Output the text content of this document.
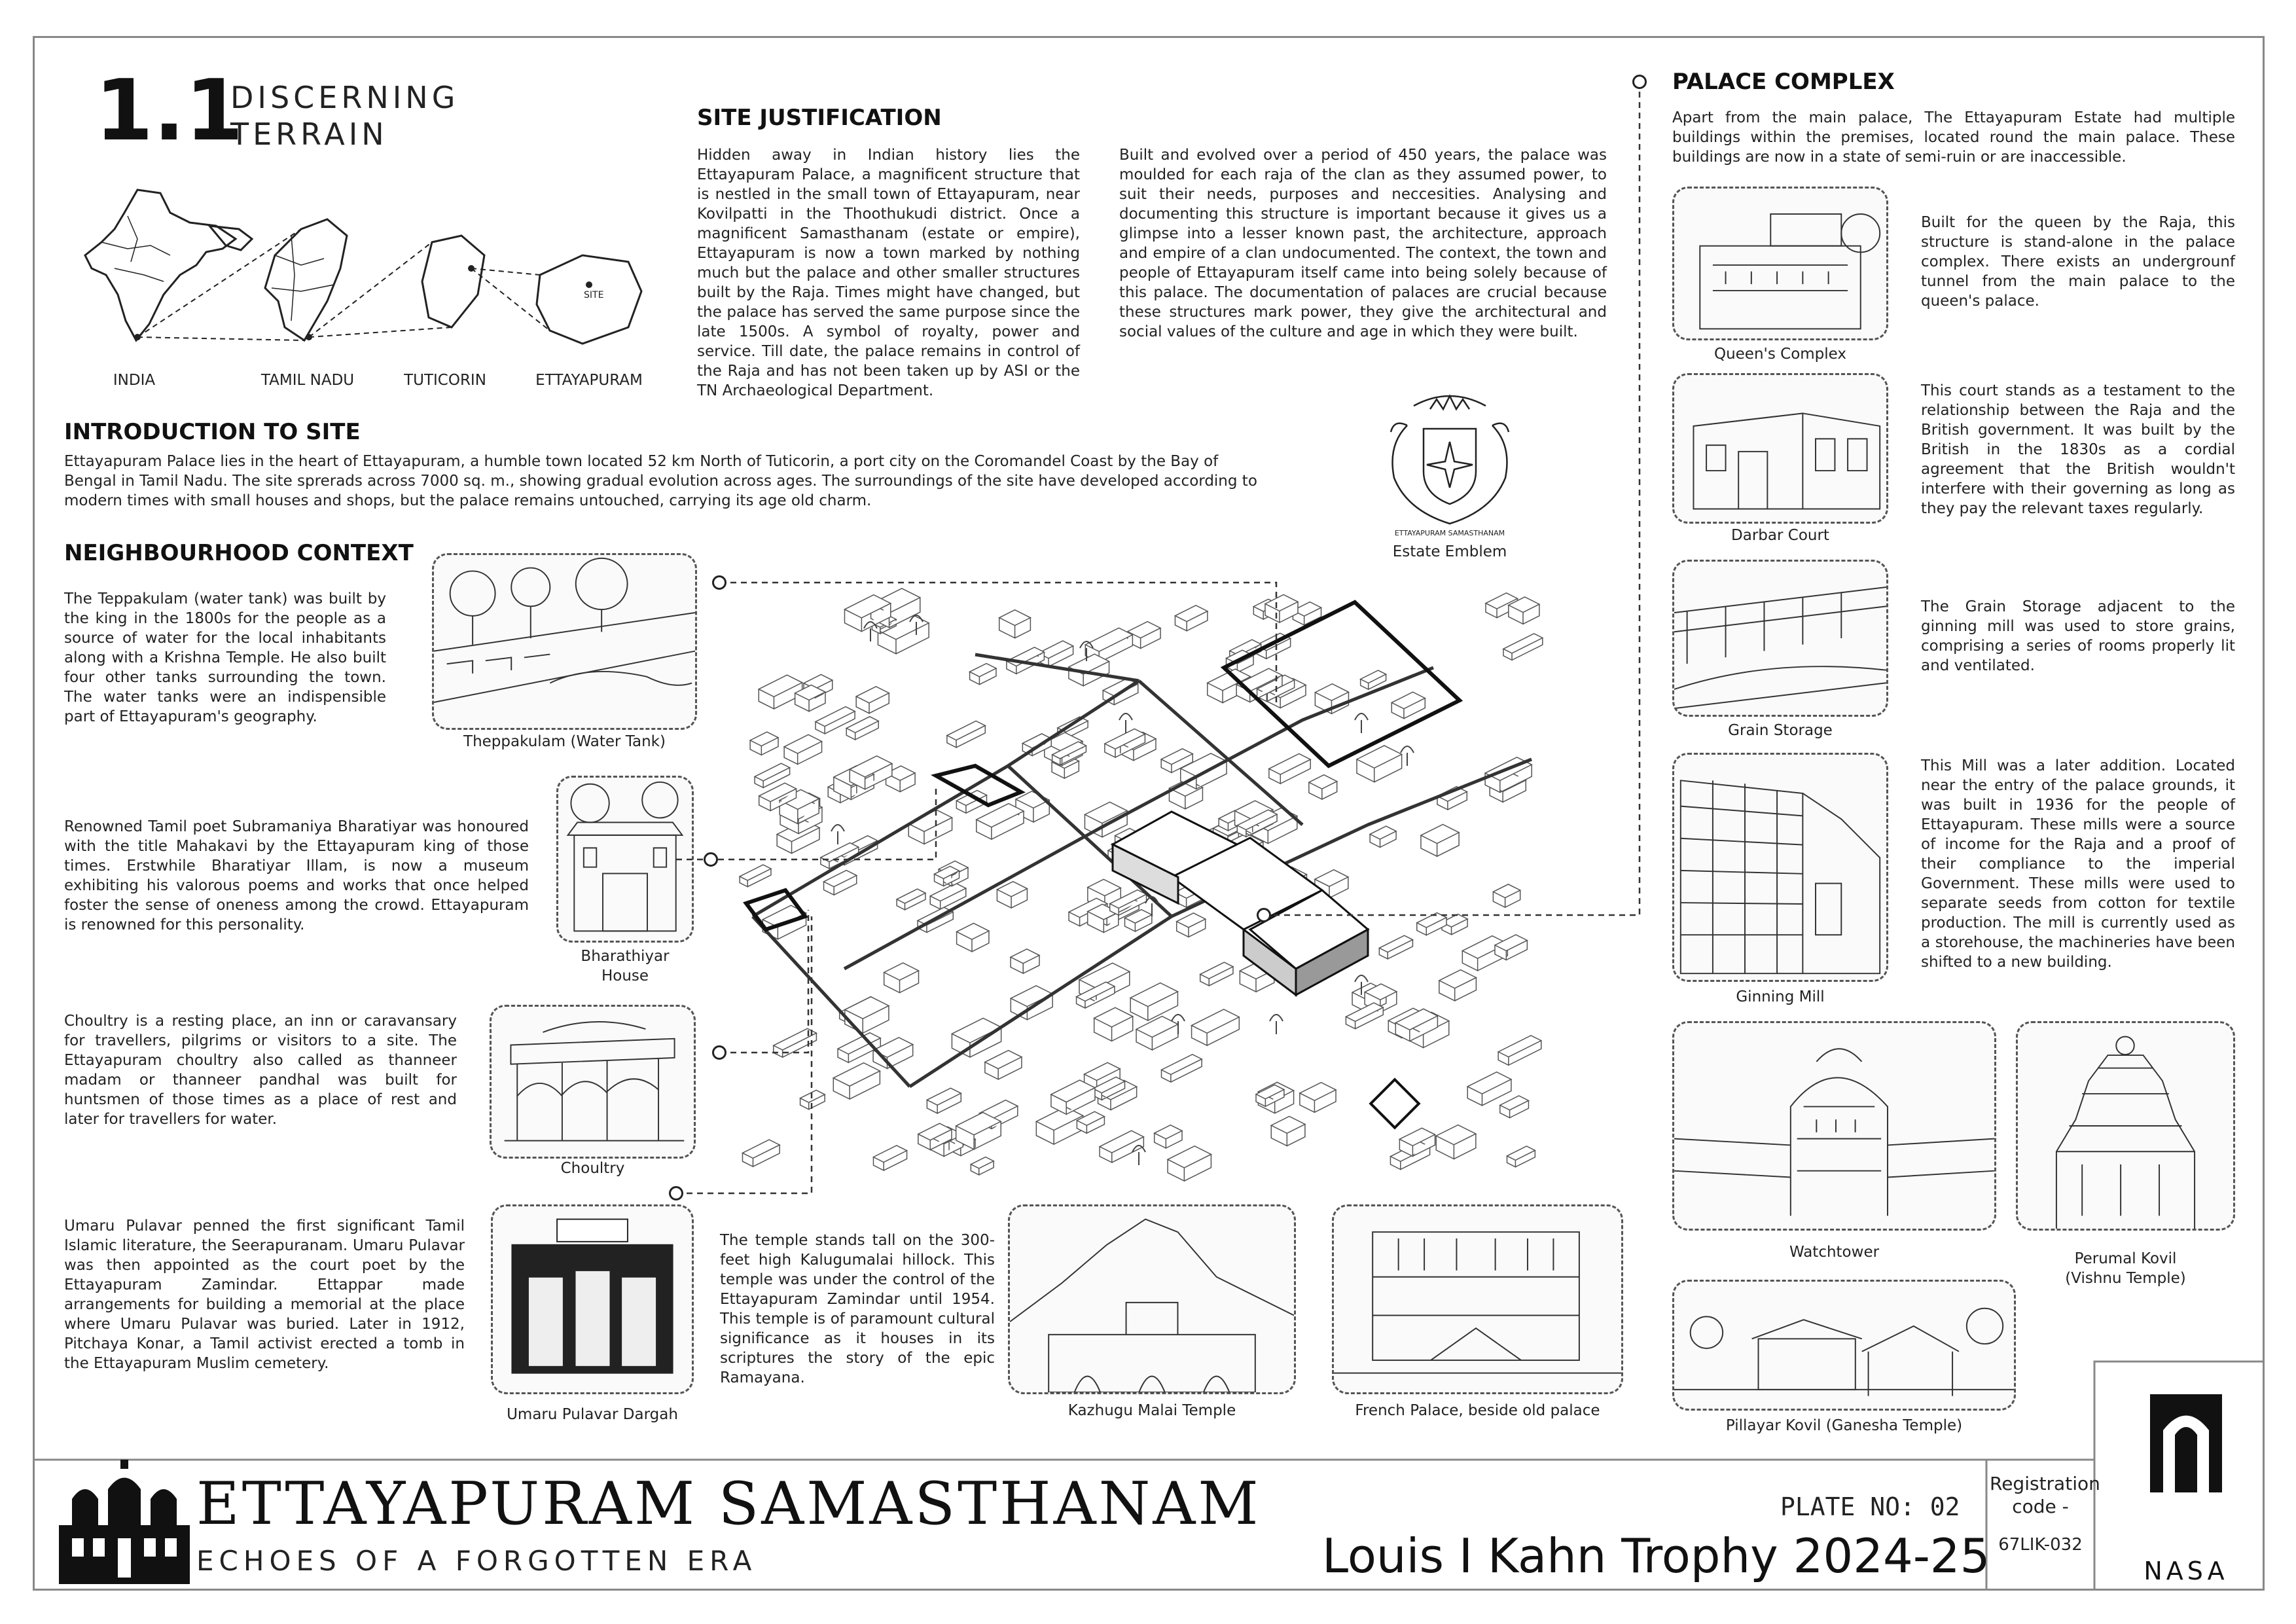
1.1
DISCERNING
TERRAIN
SITE
INDIA	TAMIL NADU	TUTICORIN	ETTAYAPURAM
SITE JUSTIFICATION
Hidden away in Indian history lies the Ettayapuram Palace, a magnificent structure that is nestled in the small town of Ettayapuram, near Kovilpatti in the Thoothukudi district. Once a magnificent Samasthanam (estate or empire), Ettayapuram is now a town marked by nothing much but the palace and other smaller structures built by the Raja. Times might have changed, but the palace has served the same purpose since the late 1500s. A symbol of royalty, power and service. Till date, the palace remains in control of the Raja and has not been taken up by ASI or the TN Archaeological Department.
Built and evolved over a period of 450 years, the palace was moulded for each raja of the clan as they assumed power, to suit their needs, purposes and neccesities. Analysing and documenting this structure is important because it gives us a glimpse into a lesser known past, the architecture, approach and empire of a clan undocumented. The context, the town and people of Ettayapuram itself came into being solely because of this palace. The documentation of palaces are crucial because these structures mark power, they give the architectural and social values of the culture and age in which they were built.
INTRODUCTION TO SITE
Ettayapuram Palace lies in the heart of Ettayapuram, a humble town located 52 km North of Tuticorin, a port city on the Coromandel Coast by the Bay of Bengal in Tamil Nadu. The site sprerads across 7000 sq. m., showing gradual evolution across ages. The surroundings of the site have developed according to modern times with small houses and shops, but the palace remains untouched, carrying its age old charm.
ETTAYAPURAM SAMASTHANAM
Estate Emblem
NEIGHBOURHOOD CONTEXT
The Teppakulam (water tank) was built by the king in the 1800s for the people as a source of water for the local inhabitants along with a Krishna Temple. He also built four other tanks surrounding the town. The water tanks were an indispensible part of Ettayapuram's geography.
Theppakulam (Water Tank)
Renowned Tamil poet Subramaniya Bharatiyar was honoured with the title Mahakavi by the Ettayapuram king of those times. Erstwhile Bharatiyar Illam, is now a museum exhibiting his valorous poems and works that once helped foster the sense of oneness among the crowd. Ettayapuram is renowned for this personality.
Bharathiyar
House
Choultry is a resting place, an inn or caravansary for travellers, pilgrims or visitors to a site. The Ettayapuram choultry also called as thanneer madam or thanneer pandhal was built for huntsmen of those times as a place of rest and later for travellers for water.
Choultry
Umaru Pulavar penned the first significant Tamil Islamic literature, the Seerapuranam. Umaru Pulavar was then appointed as the court poet by the Ettayapuram Zamindar. Ettappar made arrangements for building a memorial at the place where Umaru Pulavar was buried. Later in 1912, Pitchaya Konar, a Tamil activist erected a tomb in the Ettayapuram Muslim cemetery.
Umaru Pulavar Dargah
The temple stands tall on the 300-feet high Kalugumalai hillock. This temple was under the control of the Ettayapuram Zamindar until 1954. This temple is of paramount cultural significance as it houses in its scriptures the story of the epic Ramayana.
Kazhugu Malai Temple	French Palace, beside old palace
PALACE COMPLEX
Apart from the main palace, The Ettayapuram Estate had multiple buildings within the premises, located round the main palace. These buildings are now in a state of semi-ruin or are inaccessible.
Queen's Complex
Built for the queen by the Raja, this structure is stand-alone in the palace complex. There exists an undergrounf tunnel from the main palace to the queen's palace.
Darbar Court
This court stands as a testament to the relationship between the Raja and the British government. It was built by the British in the 1830s as a cordial agreement that the British wouldn't interfere with their governing as long as they pay the relevant taxes regularly.
Grain Storage
The Grain Storage adjacent to the ginning mill was used to store grains, comprising a series of rooms properly lit and ventilated.
Ginning Mill
This Mill was a later addition. Located near the entry of the palace grounds, it was built in 1936 for the people of Ettayapuram. These mills were a source of income for the Raja and a proof of their compliance to the imperial Government. These mills were used to separate seeds from cotton for textile production. The mill is currently used as a storehouse, the machineries have been shifted to a new building.
Watchtower	Perumal Kovil
(Vishnu Temple)
Pillayar Kovil (Ganesha Temple)
ETTAYAPURAM SAMASTHANAM
ECHOES OF A FORGOTTEN ERA
PLATE NO: 02
Louis I Kahn Trophy 2024-25
Registration
code -
67LIK-032
NASA
